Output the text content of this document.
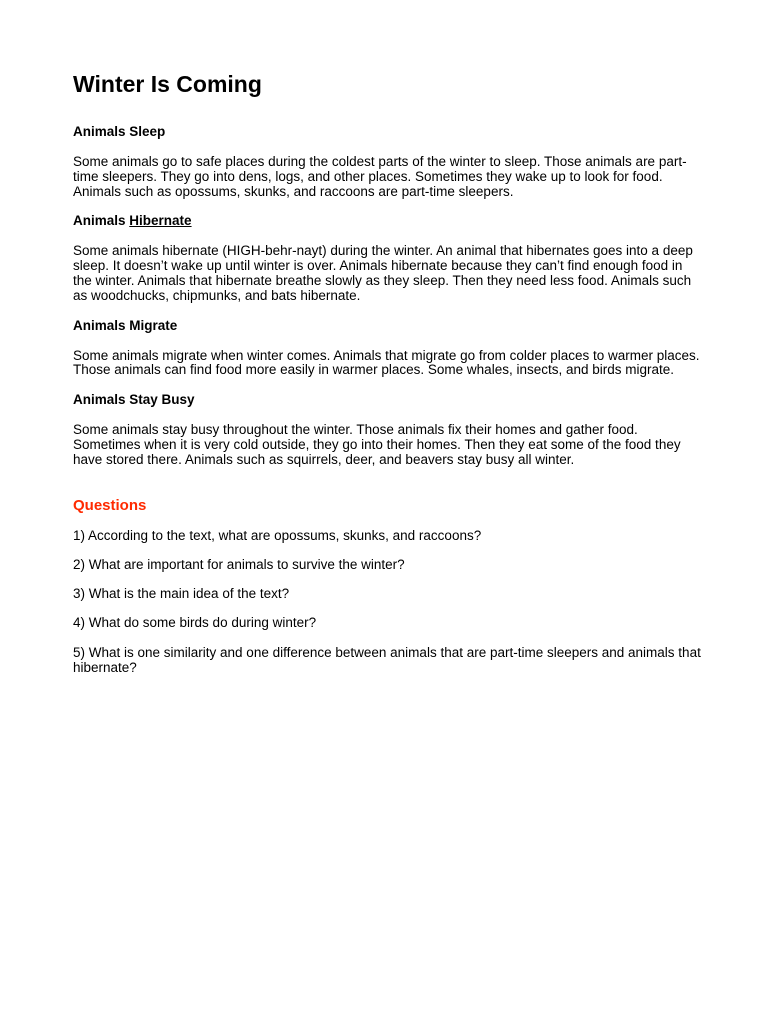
Winter Is Coming
Animals Sleep

Some animals go to safe places during the coldest parts of the winter to sleep. Those animals are part-time sleepers. They go into dens, logs, and other places. Sometimes they wake up to look for food. Animals such as opossums, skunks, and raccoons are part-time sleepers.

Animals Hibernate

Some animals hibernate (HIGH-behr-nayt) during the winter. An animal that hibernates goes into a deep sleep. It doesn’t wake up until winter is over. Animals hibernate because they can’t find enough food in the winter. Animals that hibernate breathe slowly as they sleep. Then they need less food. Animals such as woodchucks, chipmunks, and bats hibernate.

Animals Migrate

Some animals migrate when winter comes. Animals that migrate go from colder places to warmer places. Those animals can find food more easily in warmer places. Some whales, insects, and birds migrate.

Animals Stay Busy

Some animals stay busy throughout the winter. Those animals fix their homes and gather food. Sometimes when it is very cold outside, they go into their homes. Then they eat some of the food they have stored there. Animals such as squirrels, deer, and beavers stay busy all winter.

Questions

1) According to the text, what are opossums, skunks, and raccoons?

2) What are important for animals to survive the winter?

3) What is the main idea of the text?

4) What do some birds do during winter?

5) What is one similarity and one difference between animals that are part-time sleepers and animals that hibernate?
